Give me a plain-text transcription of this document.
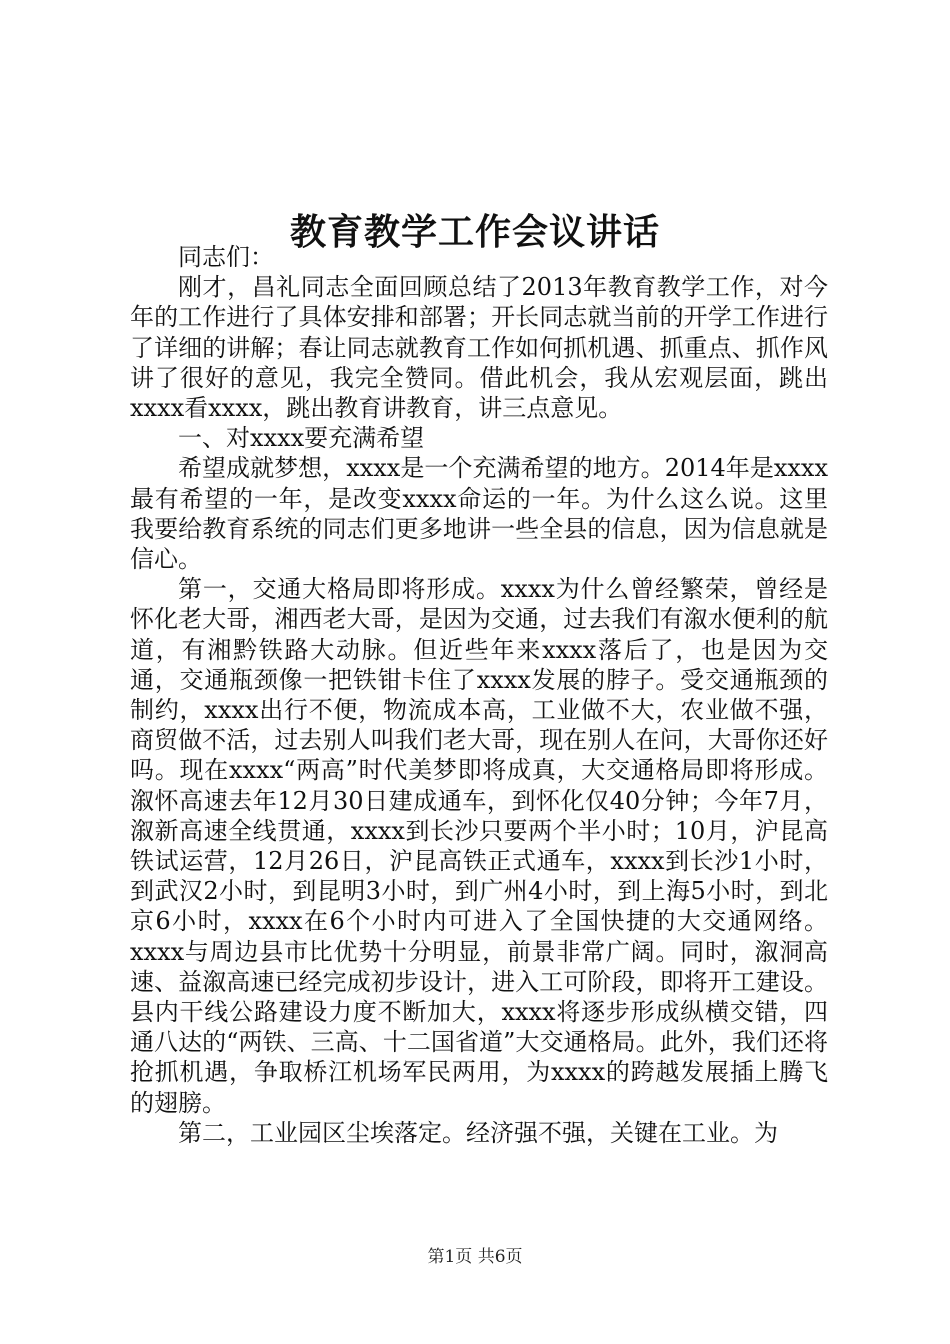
教育教学工作会议讲话

同志们：

刚才，昌礼同志全面回顾总结了2013年教育教学工作，对今年的工作进行了具体安排和部署；开长同志就当前的开学工作进行了详细的讲解；春让同志就教育工作如何抓机遇、抓重点、抓作风讲了很好的意见，我完全赞同。借此机会，我从宏观层面，跳出xxxx看xxxx，跳出教育讲教育，讲三点意见。

一、对xxxx要充满希望

希望成就梦想，xxxx是一个充满希望的地方。2014年是xxxx最有希望的一年，是改变xxxx命运的一年。为什么这么说。这里我要给教育系统的同志们更多地讲一些全县的信息，因为信息就是信心。

第一，交通大格局即将形成。xxxx为什么曾经繁荣，曾经是怀化老大哥，湘西老大哥，是因为交通，过去我们有溆水便利的航道，有湘黔铁路大动脉。但近些年来xxxx落后了，也是因为交通，交通瓶颈像一把铁钳卡住了xxxx发展的脖子。受交通瓶颈的制约，xxxx出行不便，物流成本高，工业做不大，农业做不强，商贸做不活，过去别人叫我们老大哥，现在别人在问，大哥你还好吗。现在xxxx“两高”时代美梦即将成真，大交通格局即将形成。溆怀高速去年12月30日建成通车，到怀化仅40分钟；今年7月，溆新高速全线贯通，xxxx到长沙只要两个半小时；10月，沪昆高铁试运营，12月26日，沪昆高铁正式通车，xxxx到长沙1小时，到武汉2小时，到昆明3小时，到广州4小时，到上海5小时，到北京6小时，xxxx在6个小时内可进入了全国快捷的大交通网络。xxxx与周边县市比优势十分明显，前景非常广阔。同时，溆洞高速、益溆高速已经完成初步设计，进入工可阶段，即将开工建设。县内干线公路建设力度不断加大，xxxx将逐步形成纵横交错，四通八达的“两铁、三高、十二国省道”大交通格局。此外，我们还将抢抓机遇，争取桥江机场军民两用，为xxxx的跨越发展插上腾飞的翅膀。

第二，工业园区尘埃落定。经济强不强，关键在工业。为

第1页 共6页
